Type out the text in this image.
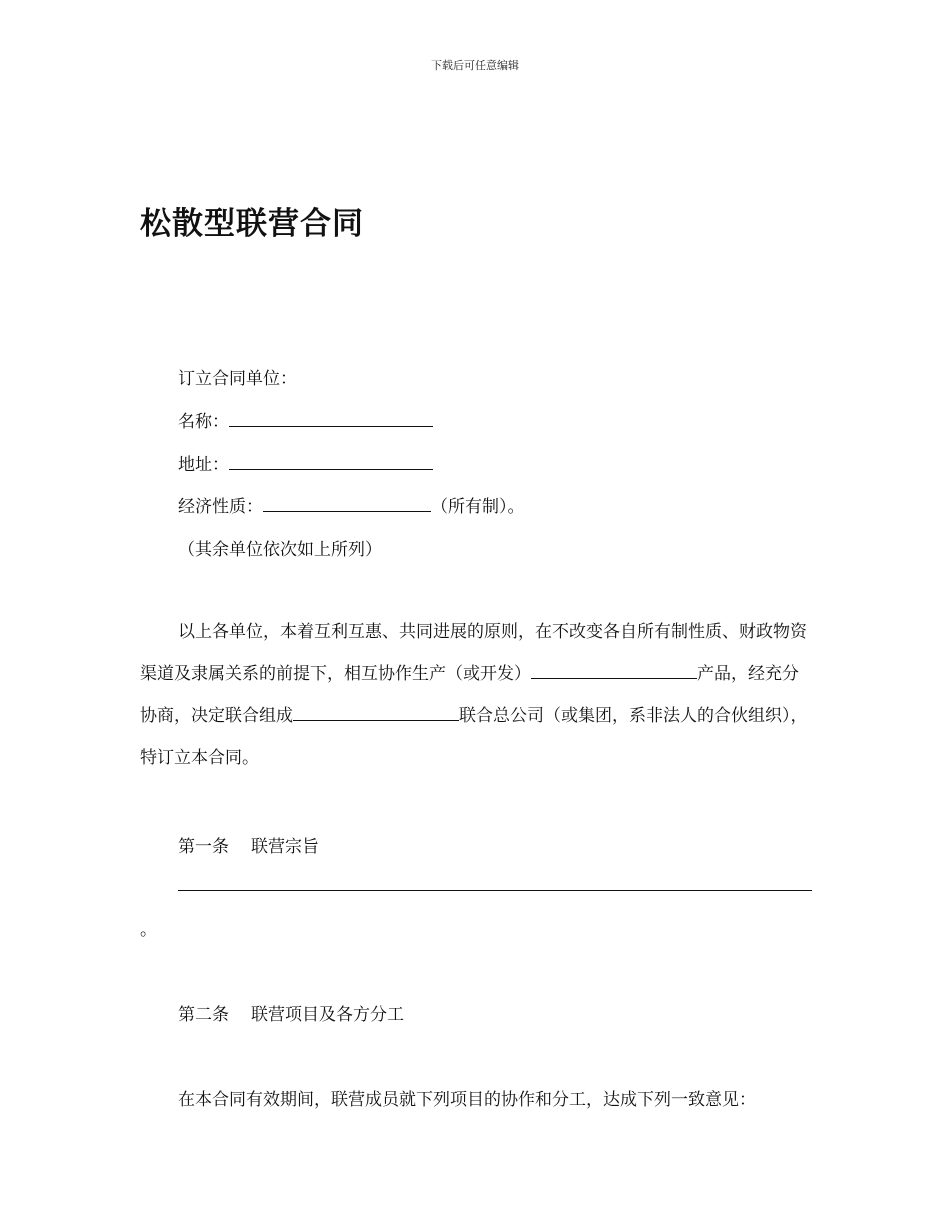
下载后可任意编辑
松散型联营合同
订立合同单位：
名称：
地址：
经济性质：	（所有制）。
（其余单位依次如上所列）
以上各单位，本着互利互惠、共同进展的原则，在不改变各自所有制性质、财政物资渠道及隶属关系的前提下，相互协作生产（或开发）	产品，经充分协商，决定联合组成	联合总公司（或集团，系非法人的合伙组织），特订立本合同。
第一条 联营宗旨
。
第二条 联营项目及各方分工
在本合同有效期间，联营成员就下列项目的协作和分工，达成下列一致意见：
